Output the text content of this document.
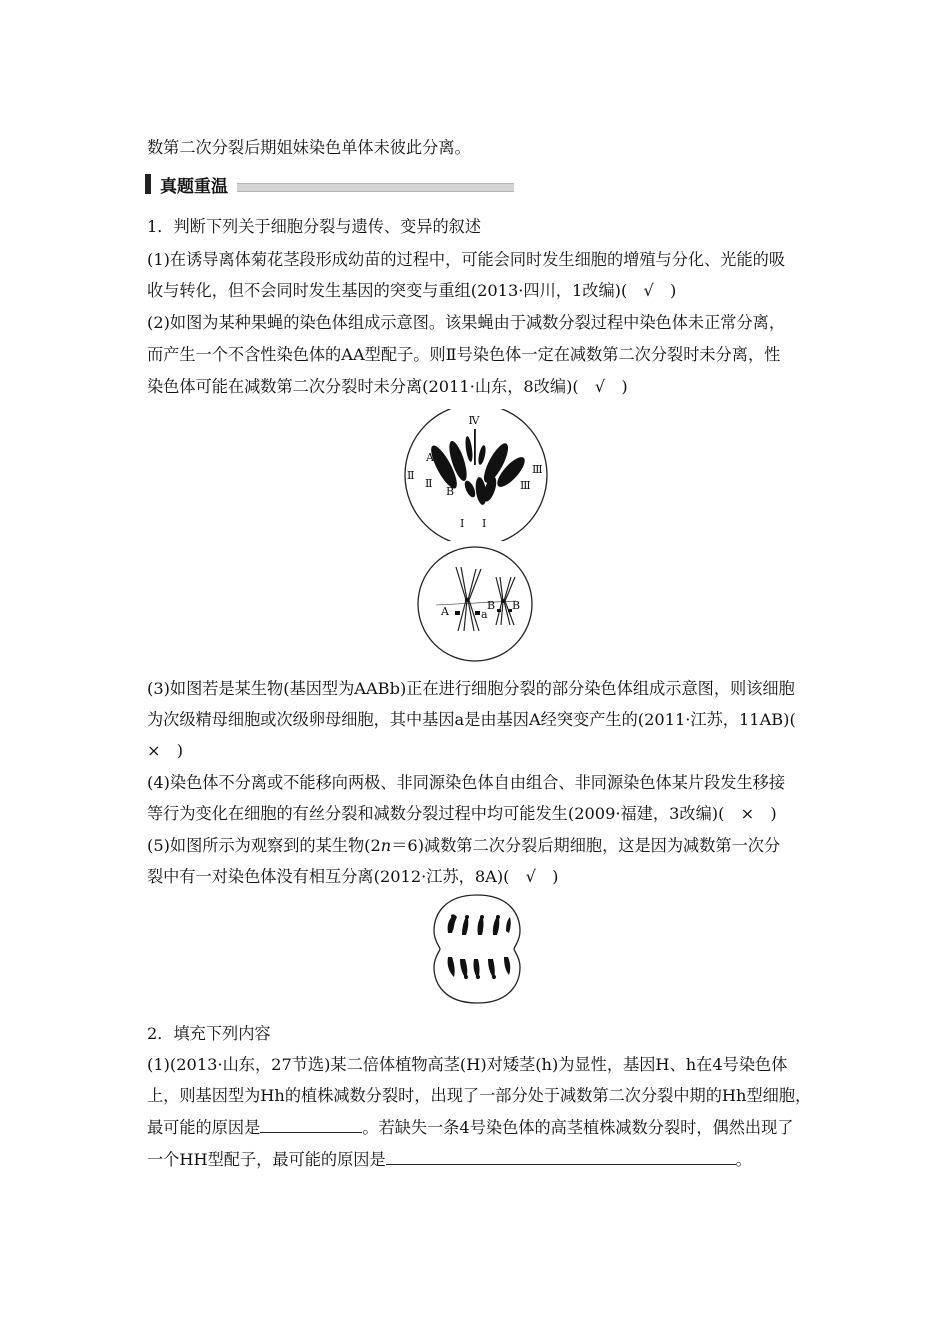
数第二次分裂后期姐妹染色单体未彼此分离。
真题重温
1．判断下列关于细胞分裂与遗传、变异的叙述
(1)在诱导离体菊花茎段形成幼苗的过程中，可能会同时发生细胞的增殖与分化、光能的吸
收与转化，但不会同时发生基因的突变与重组(2013·四川，1改编)(　√　)
(2)如图为某种果蝇的染色体组成示意图。该果蝇由于减数分裂过程中染色体未正常分离，
而产生一个不含性染色体的AA型配子。则Ⅱ号染色体一定在减数第二次分裂时未分离，性
染色体可能在减数第二次分裂时未分离(2011·山东，8改编)(　√　)
Ⅳ
Ⅱ
Ⅱ
Ⅲ
Ⅲ
I I
A
a
B
A	a
B B
(3)如图若是某生物(基因型为AABb)正在进行细胞分裂的部分染色体组成示意图，则该细胞
为次级精母细胞或次级卵母细胞，其中基因a是由基因A经突变产生的(2011·江苏，11AB)(
×　)
(4)染色体不分离或不能移向两极、非同源染色体自由组合、非同源染色体某片段发生移接
等行为变化在细胞的有丝分裂和减数分裂过程中均可能发生(2009·福建，3改编)(　×　)
(5)如图所示为观察到的某生物(2n＝6)减数第二次分裂后期细胞，这是因为减数第一次分
裂中有一对染色体没有相互分离(2012·江苏，8A)(　√　)
2．填充下列内容
(1)(2013·山东，27节选)某二倍体植物高茎(H)对矮茎(h)为显性，基因H、h在4号染色体
上，则基因型为Hh的植株减数分裂时，出现了一部分处于减数第二次分裂中期的Hh型细胞，
最可能的原因是	。若缺失一条4号染色体的高茎植株减数分裂时，偶然出现了
一个HH型配子，最可能的原因是	。
